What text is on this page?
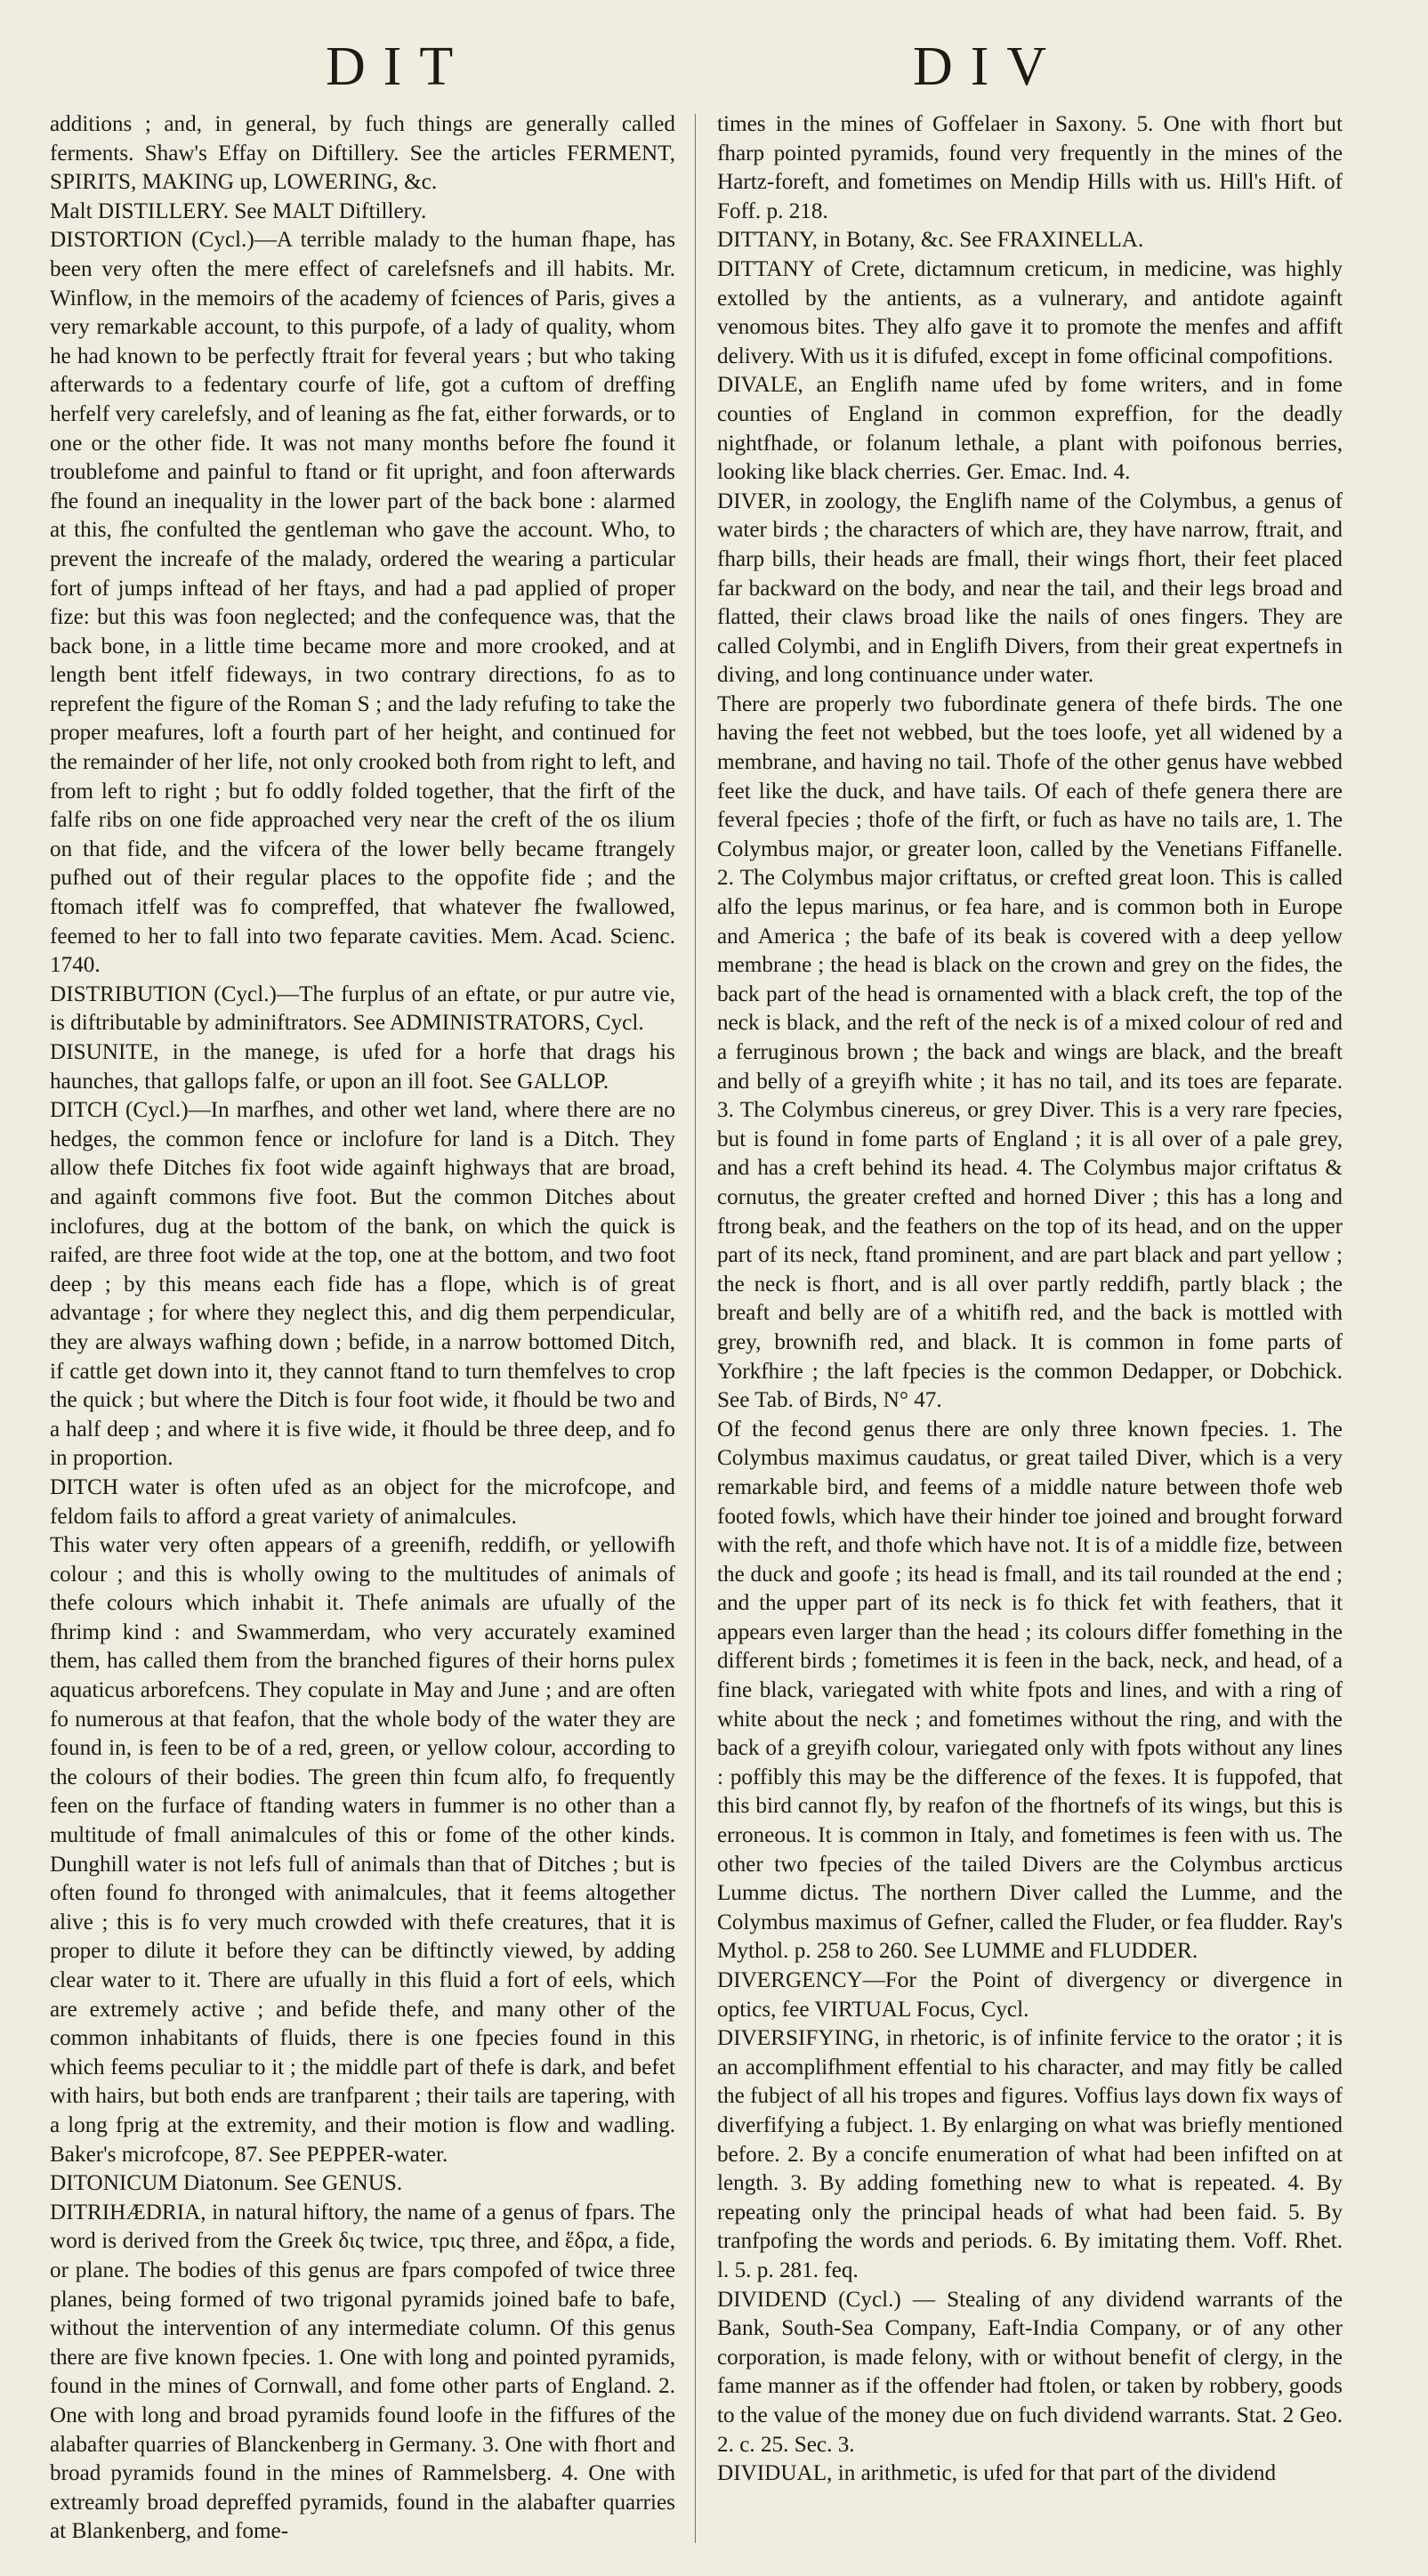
DIT	DIV

additions ; and, in general, by fuch things are generally called ferments. Shaw's Effay on Diftillery. See the articles FERMENT, SPIRITS, MAKING up, LOWERING, &c.

Malt DISTILLERY. See MALT Diftillery.

DISTORTION (Cycl.)—A terrible malady to the human fhape, has been very often the mere effect of carelefsnefs and ill habits. Mr. Winflow, in the memoirs of the academy of fciences of Paris, gives a very remarkable account, to this purpofe, of a lady of quality, whom he had known to be perfectly ftrait for feveral years ; but who taking afterwards to a fedentary courfe of life, got a cuftom of dreffing herfelf very carelefsly, and of leaning as fhe fat, either forwards, or to one or the other fide. It was not many months before fhe found it troublefome and painful to ftand or fit upright, and foon afterwards fhe found an inequality in the lower part of the back bone : alarmed at this, fhe confulted the gentleman who gave the account. Who, to prevent the increafe of the malady, ordered the wearing a particular fort of jumps inftead of her ftays, and had a pad applied of proper fize: but this was foon neglected; and the confequence was, that the back bone, in a little time became more and more crooked, and at length bent itfelf fideways, in two contrary directions, fo as to reprefent the figure of the Roman S ; and the lady refufing to take the proper meafures, loft a fourth part of her height, and continued for the remainder of her life, not only crooked both from right to left, and from left to right ; but fo oddly folded together, that the firft of the falfe ribs on one fide approached very near the creft of the os ilium on that fide, and the vifcera of the lower belly became ftrangely pufhed out of their regular places to the oppofite fide ; and the ftomach itfelf was fo compreffed, that whatever fhe fwallowed, feemed to her to fall into two feparate cavities. Mem. Acad. Scienc. 1740.

DISTRIBUTION (Cycl.)—The furplus of an eftate, or pur autre vie, is diftributable by adminiftrators. See ADMINISTRATORS, Cycl.

DISUNITE, in the manege, is ufed for a horfe that drags his haunches, that gallops falfe, or upon an ill foot. See GALLOP.

DITCH (Cycl.)—In marfhes, and other wet land, where there are no hedges, the common fence or inclofure for land is a Ditch. They allow thefe Ditches fix foot wide againft highways that are broad, and againft commons five foot. But the common Ditches about inclofures, dug at the bottom of the bank, on which the quick is raifed, are three foot wide at the top, one at the bottom, and two foot deep ; by this means each fide has a flope, which is of great advantage ; for where they neglect this, and dig them perpendicular, they are always wafhing down ; befide, in a narrow bottomed Ditch, if cattle get down into it, they cannot ftand to turn themfelves to crop the quick ; but where the Ditch is four foot wide, it fhould be two and a half deep ; and where it is five wide, it fhould be three deep, and fo in proportion.

DITCH water is often ufed as an object for the microfcope, and feldom fails to afford a great variety of animalcules.

This water very often appears of a greenifh, reddifh, or yellowifh colour ; and this is wholly owing to the multitudes of animals of thefe colours which inhabit it. Thefe animals are ufually of the fhrimp kind : and Swammerdam, who very accurately examined them, has called them from the branched figures of their horns pulex aquaticus arborefcens. They copulate in May and June ; and are often fo numerous at that feafon, that the whole body of the water they are found in, is feen to be of a red, green, or yellow colour, according to the colours of their bodies. The green thin fcum alfo, fo frequently feen on the furface of ftanding waters in fummer is no other than a multitude of fmall animalcules of this or fome of the other kinds. Dunghill water is not lefs full of animals than that of Ditches ; but is often found fo thronged with animalcules, that it feems altogether alive ; this is fo very much crowded with thefe creatures, that it is proper to dilute it before they can be diftinctly viewed, by adding clear water to it. There are ufually in this fluid a fort of eels, which are extremely active ; and befide thefe, and many other of the common inhabitants of fluids, there is one fpecies found in this which feems peculiar to it ; the middle part of thefe is dark, and befet with hairs, but both ends are tranfparent ; their tails are tapering, with a long fprig at the extremity, and their motion is flow and wadling. Baker's microfcope, 87. See PEPPER-water.

DITONICUM Diatonum. See GENUS.

DITRIHÆDRIA, in natural hiftory, the name of a genus of fpars. The word is derived from the Greek δις twice, τρις three, and ἕδρα, a fide, or plane. The bodies of this genus are fpars compofed of twice three planes, being formed of two trigonal pyramids joined bafe to bafe, without the intervention of any intermediate column. Of this genus there are five known fpecies. 1. One with long and pointed pyramids, found in the mines of Cornwall, and fome other parts of England. 2. One with long and broad pyramids found loofe in the fiffures of the alabafter quarries of Blanckenberg in Germany. 3. One with fhort and broad pyramids found in the mines of Rammelsberg. 4. One with extreamly broad depreffed pyramids, found in the alabafter quarries at Blankenberg, and fome-

times in the mines of Goffelaer in Saxony. 5. One with fhort but fharp pointed pyramids, found very frequently in the mines of the Hartz-foreft, and fometimes on Mendip Hills with us. Hill's Hift. of Foff. p. 218.

DITTANY, in Botany, &c. See FRAXINELLA.

DITTANY of Crete, dictamnum creticum, in medicine, was highly extolled by the antients, as a vulnerary, and antidote againft venomous bites. They alfo gave it to promote the menfes and affift delivery. With us it is difufed, except in fome officinal compofitions.

DIVALE, an Englifh name ufed by fome writers, and in fome counties of England in common expreffion, for the deadly nightfhade, or folanum lethale, a plant with poifonous berries, looking like black cherries. Ger. Emac. Ind. 4.

DIVER, in zoology, the Englifh name of the Colymbus, a genus of water birds ; the characters of which are, they have narrow, ftrait, and fharp bills, their heads are fmall, their wings fhort, their feet placed far backward on the body, and near the tail, and their legs broad and flatted, their claws broad like the nails of ones fingers. They are called Colymbi, and in Englifh Divers, from their great expertnefs in diving, and long continuance under water.

There are properly two fubordinate genera of thefe birds. The one having the feet not webbed, but the toes loofe, yet all widened by a membrane, and having no tail. Thofe of the other genus have webbed feet like the duck, and have tails. Of each of thefe genera there are feveral fpecies ; thofe of the firft, or fuch as have no tails are, 1. The Colymbus major, or greater loon, called by the Venetians Fiffanelle. 2. The Colymbus major criftatus, or crefted great loon. This is called alfo the lepus marinus, or fea hare, and is common both in Europe and America ; the bafe of its beak is covered with a deep yellow membrane ; the head is black on the crown and grey on the fides, the back part of the head is ornamented with a black creft, the top of the neck is black, and the reft of the neck is of a mixed colour of red and a ferruginous brown ; the back and wings are black, and the breaft and belly of a greyifh white ; it has no tail, and its toes are feparate. 3. The Colymbus cinereus, or grey Diver. This is a very rare fpecies, but is found in fome parts of England ; it is all over of a pale grey, and has a creft behind its head. 4. The Colymbus major criftatus & cornutus, the greater crefted and horned Diver ; this has a long and ftrong beak, and the feathers on the top of its head, and on the upper part of its neck, ftand prominent, and are part black and part yellow ; the neck is fhort, and is all over partly reddifh, partly black ; the breaft and belly are of a whitifh red, and the back is mottled with grey, brownifh red, and black. It is common in fome parts of Yorkfhire ; the laft fpecies is the common Dedapper, or Dobchick. See Tab. of Birds, N° 47.

Of the fecond genus there are only three known fpecies. 1. The Colymbus maximus caudatus, or great tailed Diver, which is a very remarkable bird, and feems of a middle nature between thofe web footed fowls, which have their hinder toe joined and brought forward with the reft, and thofe which have not. It is of a middle fize, between the duck and goofe ; its head is fmall, and its tail rounded at the end ; and the upper part of its neck is fo thick fet with feathers, that it appears even larger than the head ; its colours differ fomething in the different birds ; fometimes it is feen in the back, neck, and head, of a fine black, variegated with white fpots and lines, and with a ring of white about the neck ; and fometimes without the ring, and with the back of a greyifh colour, variegated only with fpots without any lines : poffibly this may be the difference of the fexes. It is fuppofed, that this bird cannot fly, by reafon of the fhortnefs of its wings, but this is erroneous. It is common in Italy, and fometimes is feen with us. The other two fpecies of the tailed Divers are the Colymbus arcticus Lumme dictus. The northern Diver called the Lumme, and the Colymbus maximus of Gefner, called the Fluder, or fea fludder. Ray's Mythol. p. 258 to 260. See LUMME and FLUDDER.

DIVERGENCY—For the Point of divergency or divergence in optics, fee VIRTUAL Focus, Cycl.

DIVERSIFYING, in rhetoric, is of infinite fervice to the orator ; it is an accomplifhment effential to his character, and may fitly be called the fubject of all his tropes and figures. Voffius lays down fix ways of diverfifying a fubject. 1. By enlarging on what was briefly mentioned before. 2. By a concife enumeration of what had been infifted on at length. 3. By adding fomething new to what is repeated. 4. By repeating only the principal heads of what had been faid. 5. By tranfpofing the words and periods. 6. By imitating them. Voff. Rhet. l. 5. p. 281. feq.

DIVIDEND (Cycl.) — Stealing of any dividend warrants of the Bank, South-Sea Company, Eaft-India Company, or of any other corporation, is made felony, with or without benefit of clergy, in the fame manner as if the offender had ftolen, or taken by robbery, goods to the value of the money due on fuch dividend warrants. Stat. 2 Geo. 2. c. 25. Sec. 3.

DIVIDUAL, in arithmetic, is ufed for that part of the dividend
